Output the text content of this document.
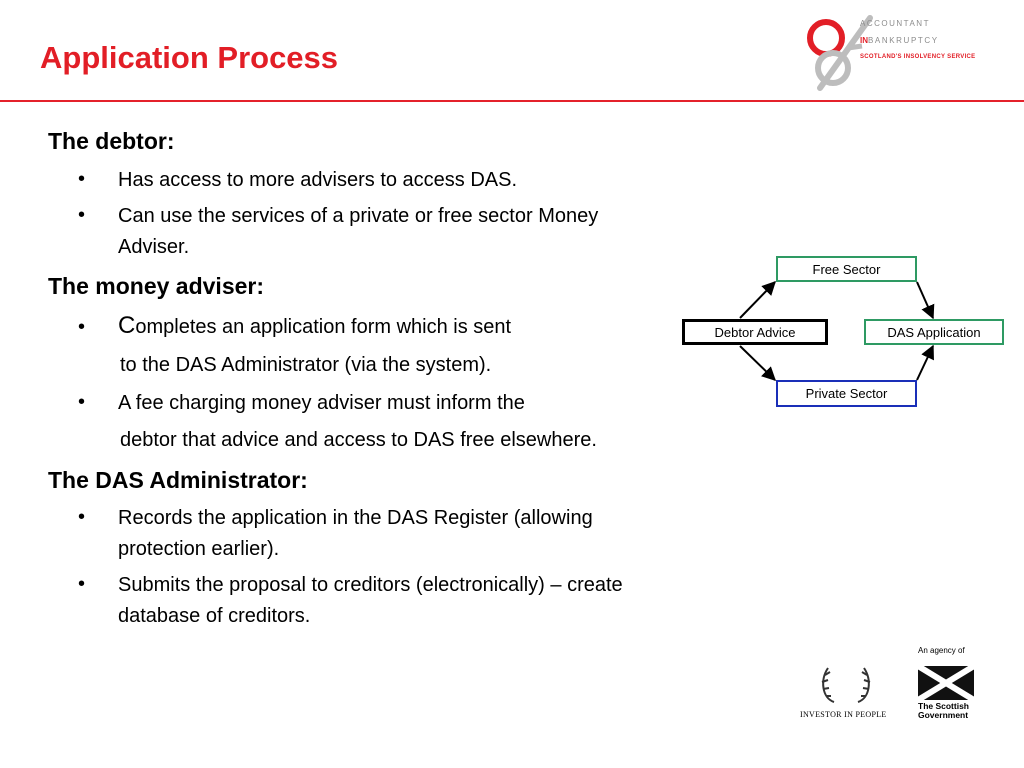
Application Process
ACCOUNTANT
INBANKRUPTCY
SCOTLAND'S INSOLVENCY SERVICE
The debtor:
• Has access to more advisers to access DAS.
• Can use the services of a private or free sector Money
Adviser.
The money adviser:
• Completes an application form which is sent
to the DAS Administrator (via the system).
• A fee charging money adviser must inform the
debtor that advice and access to DAS free elsewhere.
The DAS Administrator:
• Records the application in the DAS Register (allowing
protection earlier).
• Submits the proposal to creditors (electronically) – create
database of creditors.
Free Sector
Debtor Advice	DAS Application
Private Sector
INVESTOR IN PEOPLE
An agency of
The Scottish
Government
